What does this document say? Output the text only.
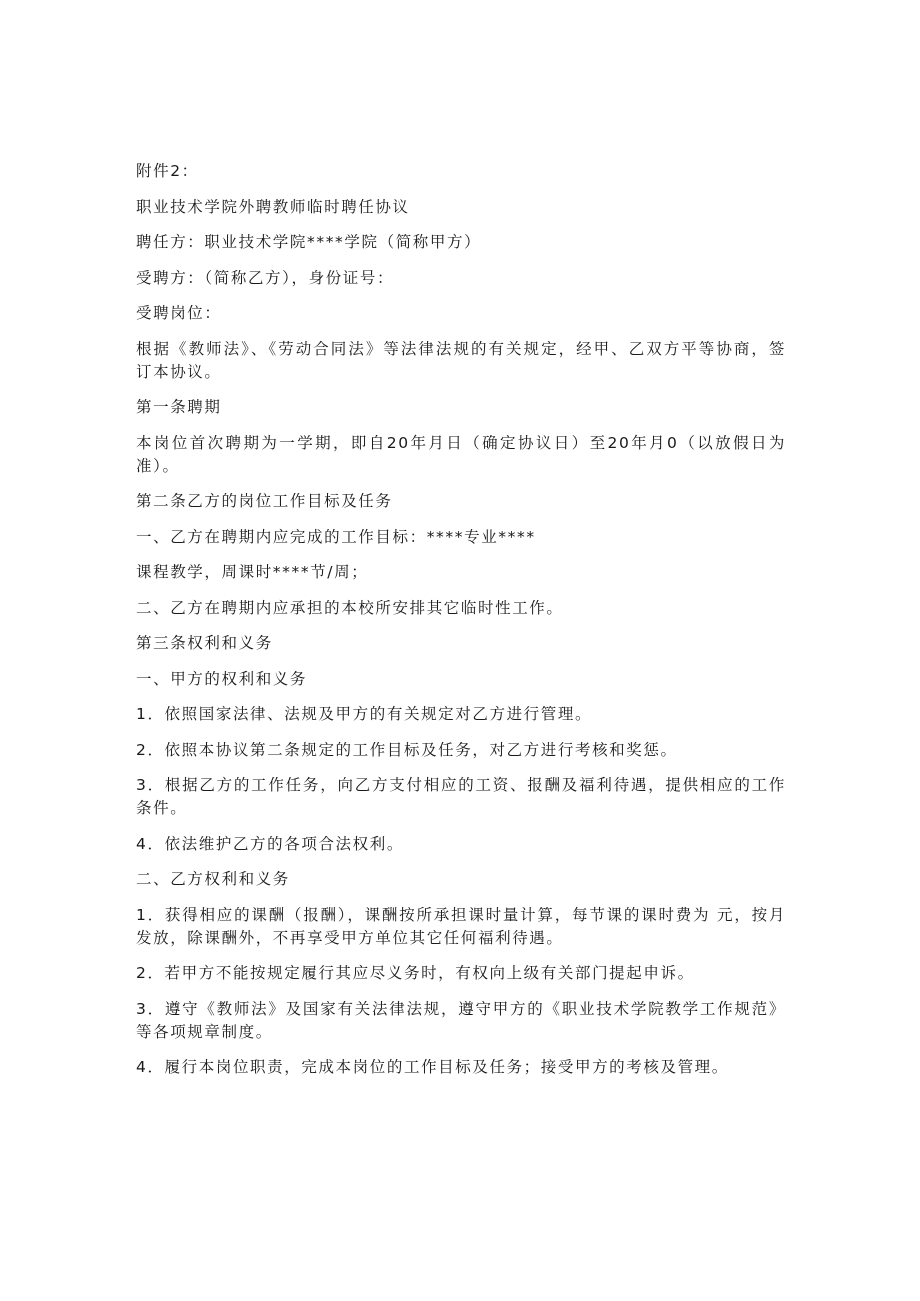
附件2：

职业技术学院外聘教师临时聘任协议

聘任方：职业技术学院****学院（简称甲方）

受聘方：（简称乙方），身份证号：

受聘岗位：

根据《教师法》、《劳动合同法》等法律法规的有关规定，经甲、乙双方平等协商，签订本协议。

第一条聘期

本岗位首次聘期为一学期，即自20年月日（确定协议日）至20年月0（以放假日为准）。

第二条乙方的岗位工作目标及任务

一、乙方在聘期内应完成的工作目标：****专业****

课程教学，周课时****节/周；

二、乙方在聘期内应承担的本校所安排其它临时性工作。

第三条权利和义务

一、甲方的权利和义务

1．依照国家法律、法规及甲方的有关规定对乙方进行管理。

2．依照本协议第二条规定的工作目标及任务，对乙方进行考核和奖惩。

3．根据乙方的工作任务，向乙方支付相应的工资、报酬及福利待遇，提供相应的工作条件。

4．依法维护乙方的各项合法权利。

二、乙方权利和义务

1．获得相应的课酬（报酬），课酬按所承担课时量计算，每节课的课时费为 元，按月发放，除课酬外，不再享受甲方单位其它任何福利待遇。

2．若甲方不能按规定履行其应尽义务时，有权向上级有关部门提起申诉。

3．遵守《教师法》及国家有关法律法规，遵守甲方的《职业技术学院教学工作规范》等各项规章制度。

4．履行本岗位职责，完成本岗位的工作目标及任务；接受甲方的考核及管理。
